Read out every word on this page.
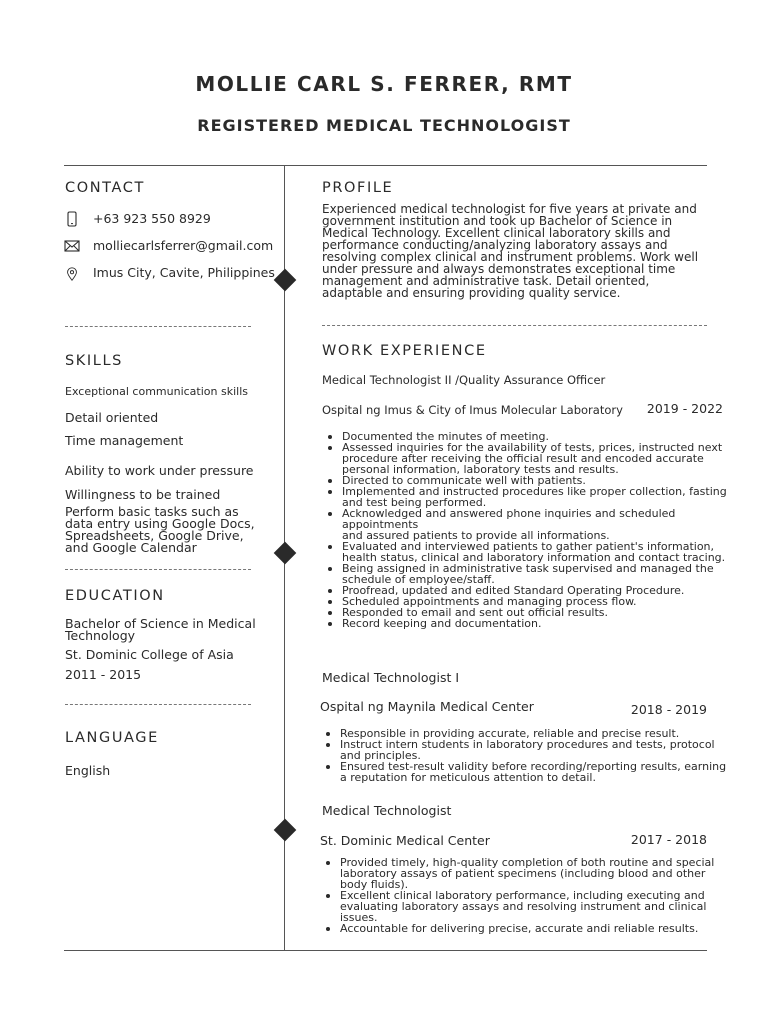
MOLLIE CARL S. FERRER, RMT
REGISTERED MEDICAL TECHNOLOGIST
CONTACT
+63 923 550 8929
molliecarlsferrer@gmail.com
Imus City, Cavite, Philippines
SKILLS
Exceptional communication skills
Detail oriented
Time management
Ability to work under pressure
Willingness to be trained
Perform basic tasks such as data entry using Google Docs, Spreadsheets, Google Drive, and Google Calendar
EDUCATION
Bachelor of Science in Medical Technology
St. Dominic College of Asia
2011 - 2015
LANGUAGE
English
PROFILE
Experienced medical technologist for five years at private and government institution and took up Bachelor of Science in Medical Technology. Excellent clinical laboratory skills and performance conducting/analyzing laboratory assays and resolving complex clinical and instrument problems. Work well under pressure and always demonstrates exceptional time management and administrative task. Detail oriented, adaptable and ensuring providing quality service.
WORK EXPERIENCE
Medical Technologist II /Quality Assurance Officer
Ospital ng Imus & City of Imus Molecular Laboratory	2019 - 2022
Documented the minutes of meeting.
Assessed inquiries for the availability of tests, prices, instructed next procedure after receiving the official result and encoded accurate personal information, laboratory tests and results.
Directed to communicate well with patients.
Implemented and instructed procedures like proper collection, fasting and test being performed.
Acknowledged and answered phone inquiries and scheduled appointments
and assured patients to provide all informations.
Evaluated and interviewed patients to gather patient's information, health status, clinical and laboratory information and contact tracing.
Being assigned in administrative task supervised and managed the schedule of employee/staff.
Proofread, updated and edited Standard Operating Procedure.
Scheduled appointments and managing process flow.
Responded to email and sent out official results.
Record keeping and documentation.
Medical Technologist I
Ospital ng Maynila Medical Center	2018 - 2019
Responsible in providing accurate, reliable and precise result.
Instruct intern students in laboratory procedures and tests, protocol and principles.
Ensured test-result validity before recording/reporting results, earning a reputation for meticulous attention to detail.
Medical Technologist
St. Dominic Medical Center	2017 - 2018
Provided timely, high-quality completion of both routine and special laboratory assays of patient specimens (including blood and other body fluids).
Excellent clinical laboratory performance, including executing and evaluating laboratory assays and resolving instrument and clinical issues.
Accountable for delivering precise, accurate andi reliable results.
